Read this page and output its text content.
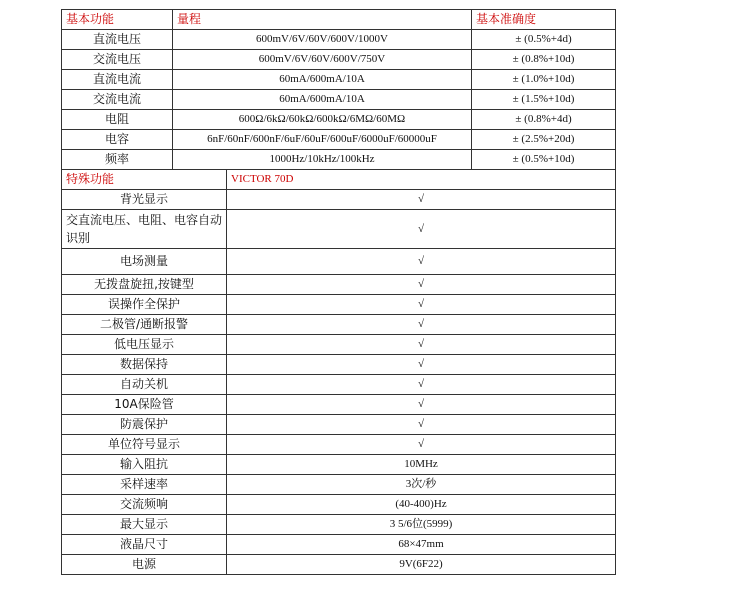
基本功能	量程		基本准确度
直流电压	600mV/6V/60V/600V/1000V		± (0.5%+4d)
交流电压	600mV/6V/60V/600V/750V		± (0.8%+10d)
直流电流	60mA/600mA/10A		± (1.0%+10d)
交流电流	60mA/600mA/10A		± (1.5%+10d)
电阻	600Ω/6kΩ/60kΩ/600kΩ/6MΩ/60MΩ		± (0.8%+4d)
电容	6nF/60nF/600nF/6uF/60uF/600uF/6000uF/60000uF		± (2.5%+20d)
频率	1000Hz/10kHz/100kHz		± (0.5%+10d)
特殊功能		VICTOR 70D	
背光显示		√	
交直流电压、电阻、电容自动识别		√	
电场测量		√	
无拨盘旋扭,按键型		√	
误操作全保护		√	
二极管/通断报警		√	
低电压显示		√	
数据保持		√	
自动关机		√	
10A保险管		√	
防震保护		√	
单位符号显示		√	
输入阻抗		10MHz	
采样速率		3次/秒	
交流频响		(40-400)Hz	
最大显示		3 5/6位(5999)	
液晶尺寸		68×47mm	
电源		9V(6F22)	
